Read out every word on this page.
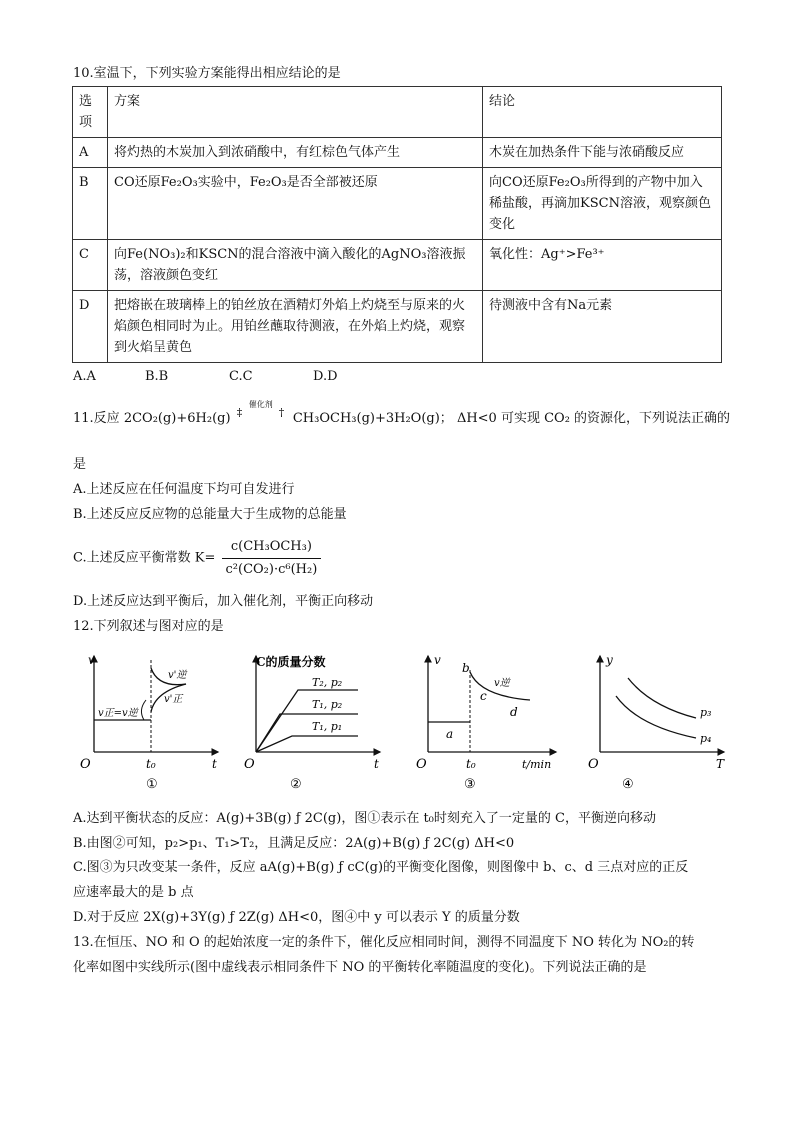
10.室温下，下列实验方案能得出相应结论的是
选
项	方案	结论
A	将灼热的木炭加入到浓硝酸中，有红棕色气体产生	木炭在加热条件下能与浓硝酸反应
B	CO还原Fe₂O₃实验中，Fe₂O₃是否全部被还原	向CO还原Fe₂O₃所得到的产物中加入稀盐酸，再滴加KSCN溶液，观察颜色变化
C	向Fe(NO₃)₂和KSCN的混合溶液中滴入酸化的AgNO₃溶液振荡，溶液颜色变红	氧化性：Ag⁺>Fe³⁺
D	把熔嵌在玻璃棒上的铂丝放在酒精灯外焰上灼烧至与原来的火焰颜色相同时为止。用铂丝蘸取待测液，在外焰上灼烧，观察到火焰呈黄色	待测液中含有Na元素
A.A	B.B	C.C	D.D
11.反应 2CO₂(g)+6H₂(g)
催化剂
‡	† CH₃OCH₃(g)+3H₂O(g)； ΔH<0 可实现 CO₂ 的资源化，下列说法正确的
是
A.上述反应在任何温度下均可自发进行
B.上述反应反应物的总能量大于生成物的总能量
C.上述反应平衡常数 $K= \frac{\text{c(CH₃OCH₃)}}{\text{c²(CO₂)·c⁶(H₂)}}$
D.上述反应达到平衡后，加入催化剂，平衡正向移动
12.下列叙述与图对应的是
v
O	t
v正=v逆
v'逆
v'正
t₀
①
C的质量分数
O	t
T₂, p₂
T₁, p₂
T₁, p₁
②
v
O	t/min
b
a
c
d
v逆
t₀
③
y
O	T
p₃
p₄
④
A.达到平衡状态的反应：A(g)+3B(g) ƒ 2C(g)，图①表示在 t₀时刻充入了一定量的 C，平衡逆向移动
B.由图②可知，p₂>p₁、T₁>T₂，且满足反应：2A(g)+B(g) ƒ 2C(g) ΔH<0
C.图③为只改变某一条件，反应 aA(g)+B(g) ƒ cC(g)的平衡变化图像，则图像中 b、c、d 三点对应的正反
应速率最大的是 b 点
D.对于反应 2X(g)+3Y(g) ƒ 2Z(g) ΔH<0，图④中 y 可以表示 Y 的质量分数
13.在恒压、NO 和 O 的起始浓度一定的条件下，催化反应相同时间，测得不同温度下 NO 转化为 NO₂的转
化率如图中实线所示(图中虚线表示相同条件下 NO 的平衡转化率随温度的变化)。下列说法正确的是
